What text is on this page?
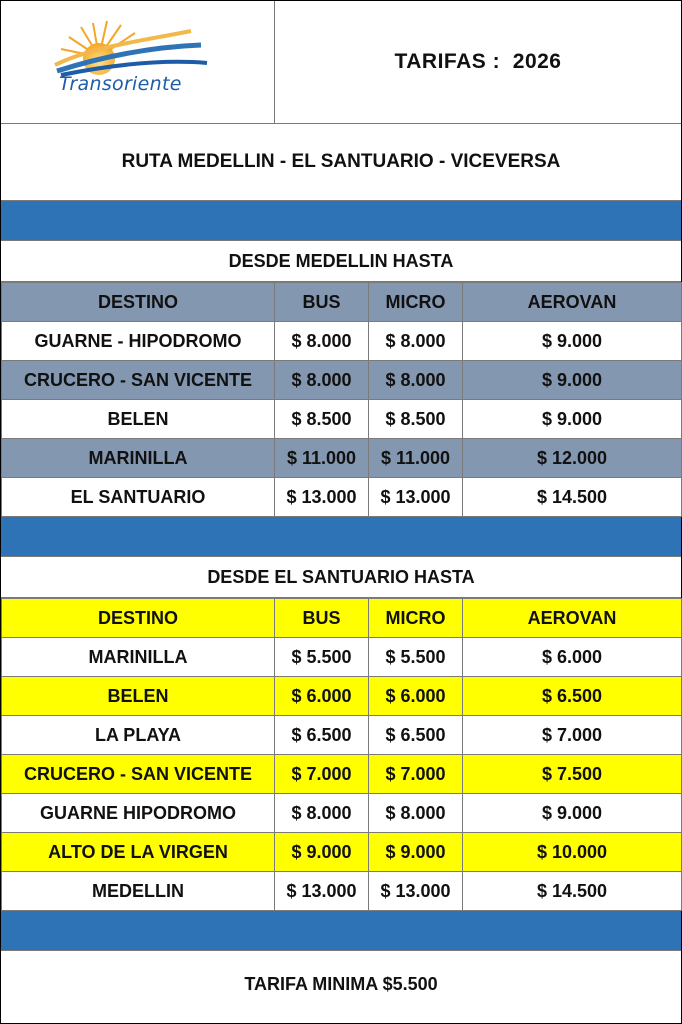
Transoriente
TARIFAS :  2026
RUTA MEDELLIN - EL SANTUARIO - VICEVERSA
DESDE MEDELLIN HASTA
DESTINO	BUS	MICRO	AEROVAN
GUARNE - HIPODROMO	$ 8.000	$ 8.000	$ 9.000
CRUCERO - SAN VICENTE	$ 8.000	$ 8.000	$ 9.000
BELEN	$ 8.500	$ 8.500	$ 9.000
MARINILLA	$ 11.000	$ 11.000	$ 12.000
EL SANTUARIO	$ 13.000	$ 13.000	$ 14.500
DESDE EL SANTUARIO HASTA
DESTINO	BUS	MICRO	AEROVAN
MARINILLA	$ 5.500	$ 5.500	$ 6.000
BELEN	$ 6.000	$ 6.000	$ 6.500
LA PLAYA	$ 6.500	$ 6.500	$ 7.000
CRUCERO - SAN VICENTE	$ 7.000	$ 7.000	$ 7.500
GUARNE HIPODROMO	$ 8.000	$ 8.000	$ 9.000
ALTO DE LA VIRGEN	$ 9.000	$ 9.000	$ 10.000
MEDELLIN	$ 13.000	$ 13.000	$ 14.500
TARIFA MINIMA $5.500
